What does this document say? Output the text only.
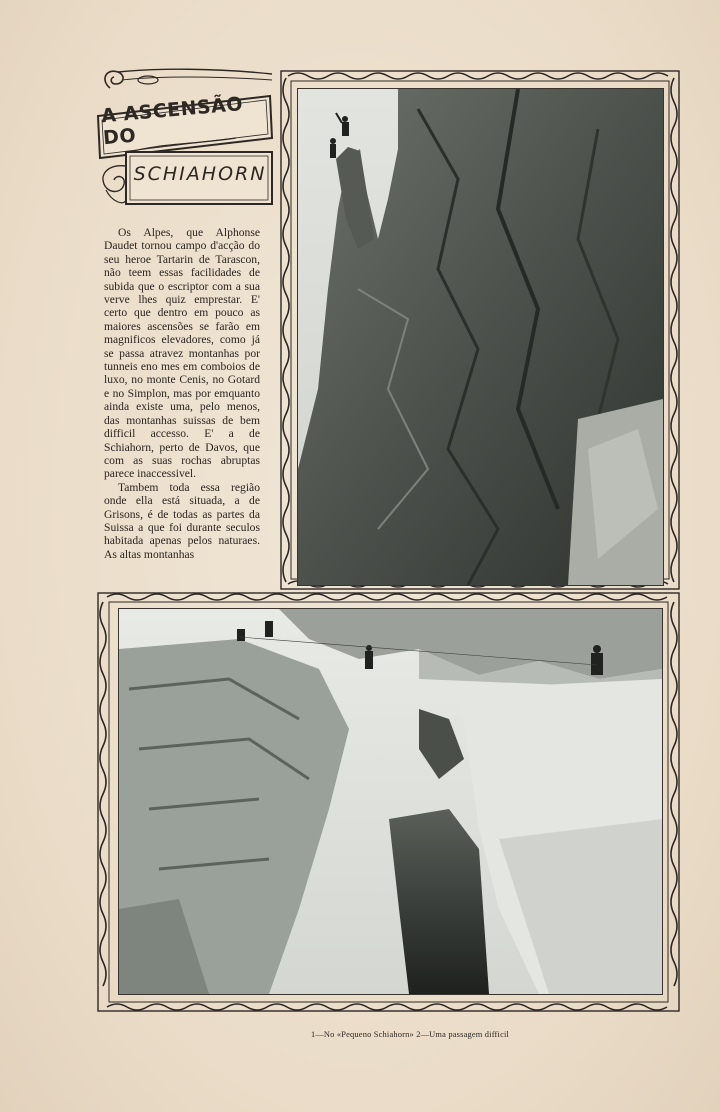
A ASCENSÃO DO
SCHIAHORN

Os Alpes, que Alphonse Daudet tornou campo d'acção do seu heroe Tartarin de Tarascon, não teem essas facilidades de subida que o escriptor com a sua verve lhes quiz emprestar. E' certo que dentro em pouco as maiores ascensões se farão em magnificos elevadores, como já se passa atravez montanhas por tunneis eno mes em comboios de luxo, no monte Cenis, no Gotard e no Simplon, mas por emquanto ainda existe uma, pelo menos, das montanhas suissas de bem difficil accesso. E' a de Schiahorn, perto de Davos, que com as suas rochas abruptas parece inaccessivel.

Tambem toda essa região onde ella está situada, a de Grisons, é de todas as partes da Suissa a que foi durante seculos habitada apenas pelos naturaes. As altas montanhas

1—No «Pequeno Schiahorn» 2—Uma passagem difficil
